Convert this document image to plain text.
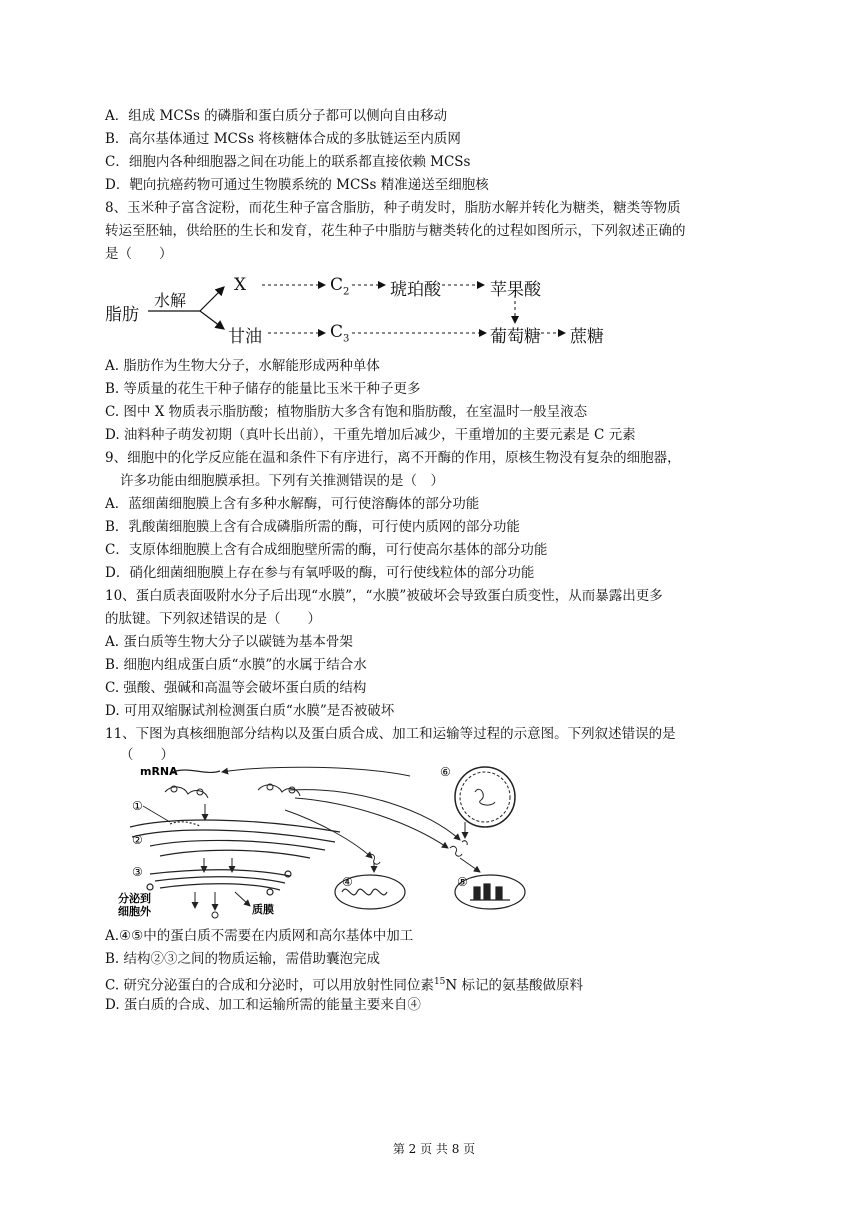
A．组成 MCSs 的磷脂和蛋白质分子都可以侧向自由移动
B．高尔基体通过 MCSs 将核糖体合成的多肽链运至内质网
C．细胞内各种细胞器之间在功能上的联系都直接依赖 MCSs
D．靶向抗癌药物可通过生物膜系统的 MCSs 精准递送至细胞核
8、玉米种子富含淀粉，而花生种子富含脂肪，种子萌发时，脂肪水解并转化为糖类，糖类等物质
转运至胚轴，供给胚的生长和发育，花生种子中脂肪与糖类转化的过程如图所示，下列叙述正确的
是（　　）
脂肪
水解
X	$C_2$ 琥珀酸	苹果酸
甘油	$C_3$	葡萄糖 蔗糖
A. 脂肪作为生物大分子，水解能形成两种单体
B. 等质量的花生干种子储存的能量比玉米干种子更多
C. 图中 X 物质表示脂肪酸；植物脂肪大多含有饱和脂肪酸，在室温时一般呈液态
D. 油料种子萌发初期（真叶长出前），干重先增加后减少，干重增加的主要元素是 C 元素
9、细胞中的化学反应能在温和条件下有序进行，离不开酶的作用，原核生物没有复杂的细胞器，
许多功能由细胞膜承担。下列有关推测错误的是（　）
A．蓝细菌细胞膜上含有多种水解酶，可行使溶酶体的部分功能
B．乳酸菌细胞膜上含有合成磷脂所需的酶，可行使内质网的部分功能
C．支原体细胞膜上含有合成细胞壁所需的酶，可行使高尔基体的部分功能
D．硝化细菌细胞膜上存在参与有氧呼吸的酶，可行使线粒体的部分功能
10、蛋白质表面吸附水分子后出现“水膜”，“水膜”被破坏会导致蛋白质变性，从而暴露出更多
的肽键。下列叙述错误的是（　　）
A. 蛋白质等生物大分子以碳链为基本骨架
B. 细胞内组成蛋白质“水膜”的水属于结合水
C. 强酸、强碱和高温等会破坏蛋白质的结构
D. 可用双缩脲试剂检测蛋白质“水膜”是否被破坏
11、下图为真核细胞部分结构以及蛋白质合成、加工和运输等过程的示意图。下列叙述错误的是
（　　）
mRNA
①
②
③
分泌到
细胞外	质膜
⑥
④	⑤
A.④⑤中的蛋白质不需要在内质网和高尔基体中加工
B. 结构②③之间的物质运输，需借助囊泡完成
C. 研究分泌蛋白的合成和分泌时，可以用放射性同位素$^{15}$N 标记的氨基酸做原料
D. 蛋白质的合成、加工和运输所需的能量主要来自④
第 2 页 共 8 页
